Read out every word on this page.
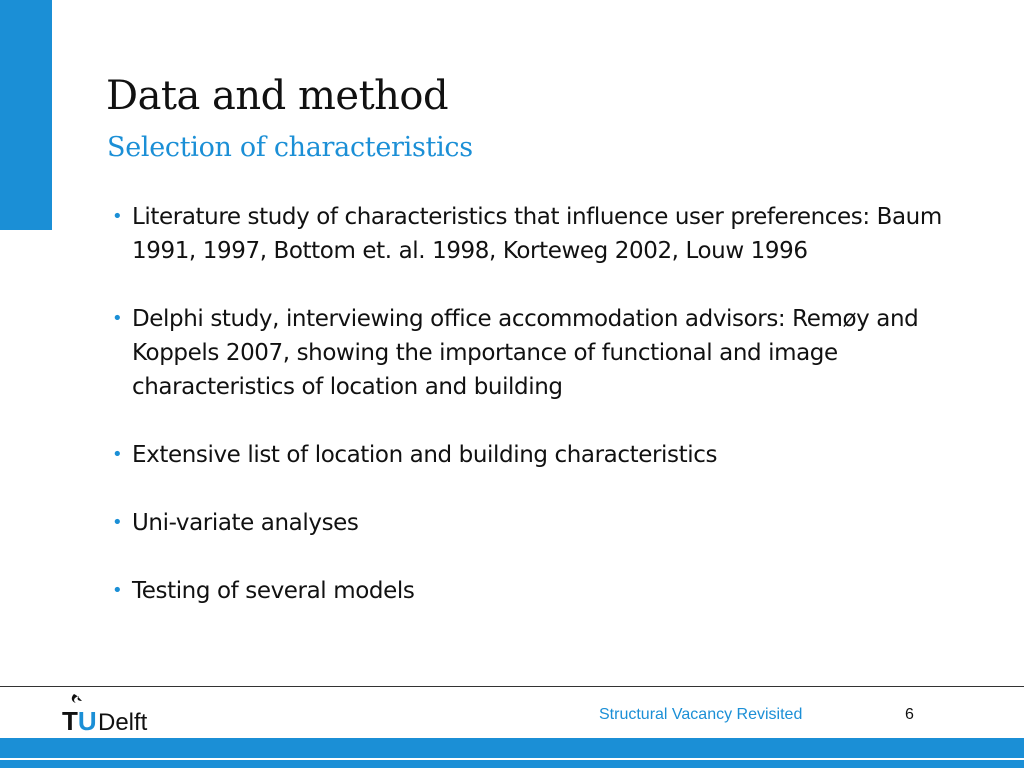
Data and method
Selection of characteristics
• Literature study of characteristics that influence user preferences: Baum 1991, 1997, Bottom et. al. 1998, Korteweg 2002, Louw 1996
• Delphi study, interviewing office accommodation advisors: Remøy and Koppels 2007, showing the importance of functional and image characteristics of location and building
• Extensive list of location and building characteristics
• Uni-variate analyses
• Testing of several models
TU Delft	Structural Vacancy Revisited	6
